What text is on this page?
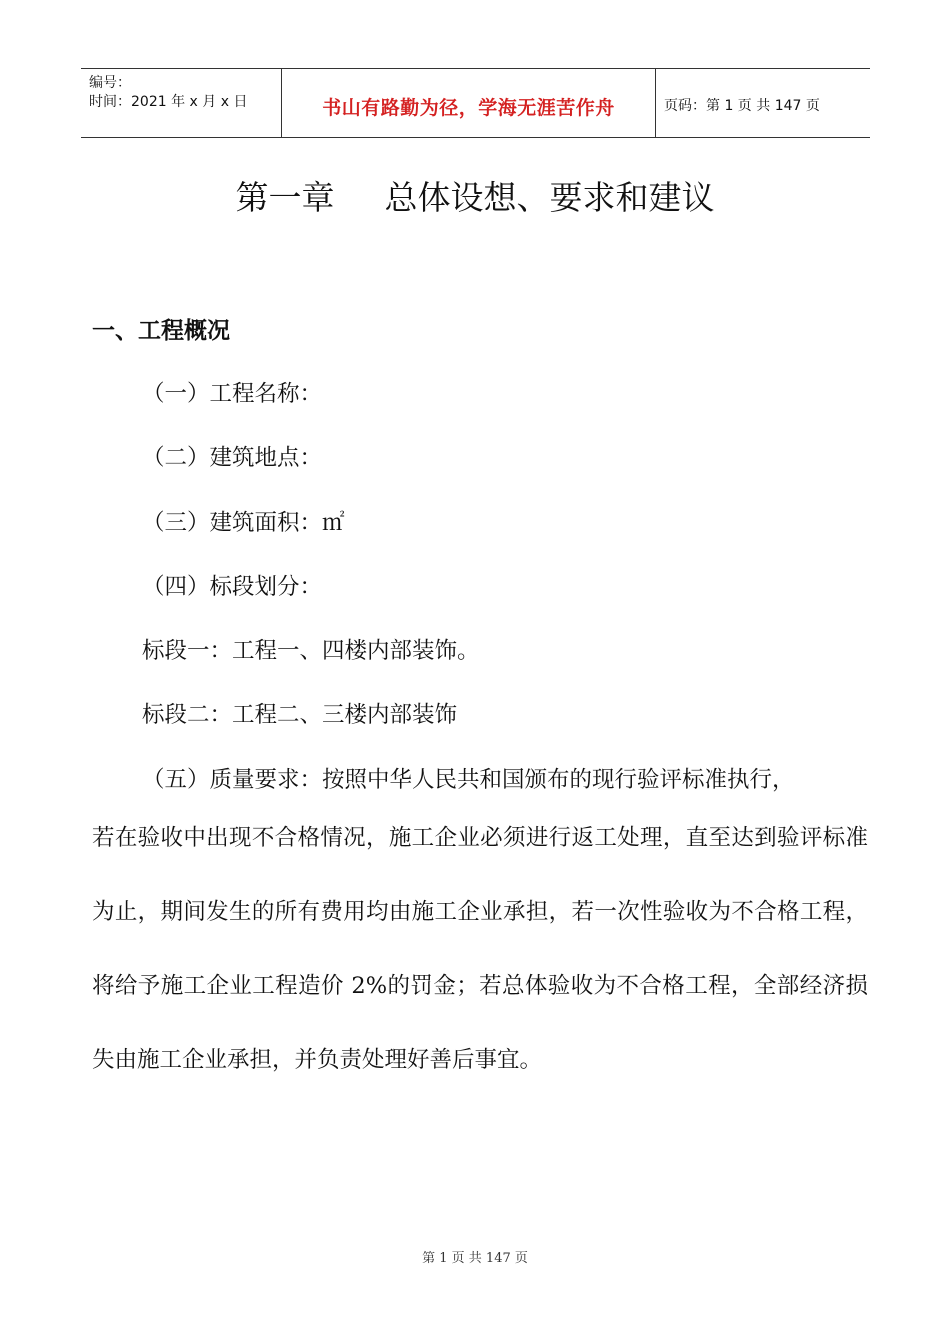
编号：
时间：2021 年 x 月 x 日	书山有路勤为径，学海无涯苦作舟	页码：第 1 页 共 147 页
第一章 总体设想、要求和建议
一、工程概况
（一）工程名称：
（二）建筑地点：
（三）建筑面积：㎡
（四）标段划分：
标段一：工程一、四楼内部装饰。
标段二：工程二、三楼内部装饰
（五）质量要求：按照中华人民共和国颁布的现行验评标准执行，
若在验收中出现不合格情况，施工企业必须进行返工处理，直至达到验评标准为止，期间发生的所有费用均由施工企业承担，若一次性验收为不合格工程，将给予施工企业工程造价 2%的罚金；若总体验收为不合格工程，全部经济损失由施工企业承担，并负责处理好善后事宜。
第 1 页 共 147 页
